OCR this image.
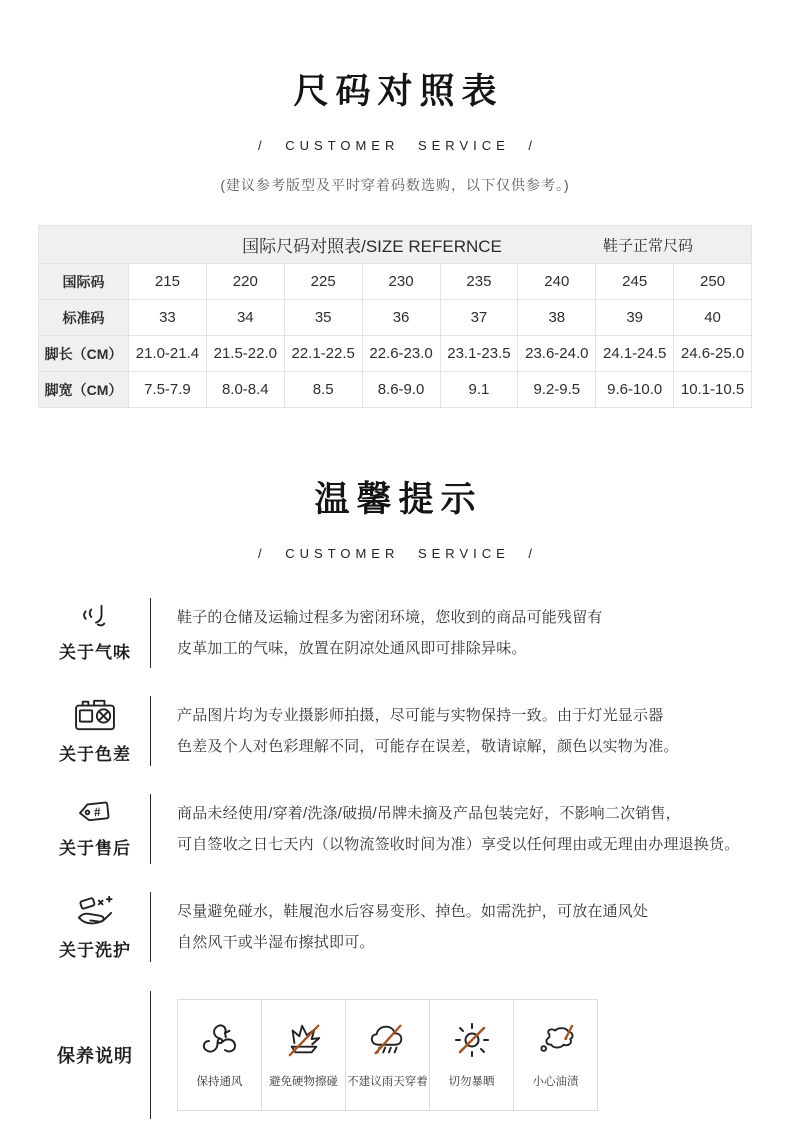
尺码对照表
/ CUSTOMER SERVICE /
(建议参考版型及平时穿着码数选购，以下仅供参考。)
国际尺码对照表/SIZE REFERNCE 鞋子正常尺码								

国际码	215	220	225	230	235	240	245	250
标准码	33	34	35	36	37	38	39	40
脚长（CM）	21.0-21.4	21.5-22.0	22.1-22.5	22.6-23.0	23.1-23.5	23.6-24.0	24.1-24.5	24.6-25.0
脚宽（CM）	7.5-7.9	8.0-8.4	8.5	8.6-9.0	9.1	9.2-9.5	9.6-10.0	10.1-10.5
温馨提示
/ CUSTOMER SERVICE /
关于气味
鞋子的仓储及运输过程多为密闭环境，您收到的商品可能残留有
皮革加工的气味，放置在阴凉处通风即可排除异味。
关于色差
产品图片均为专业摄影师拍摄，尽可能与实物保持一致。由于灯光显示器
色差及个人对色彩理解不同，可能存在误差，敬请谅解，颜色以实物为准。
#
关于售后
商品未经使用/穿着/洗涤/破损/吊牌未摘及产品包装完好，不影响二次销售，
可自签收之日七天内（以物流签收时间为准）享受以任何理由或无理由办理退换货。
关于洗护
尽量避免碰水，鞋履泡水后容易变形、掉色。如需洗护，可放在通风处
自然风干或半湿布擦拭即可。
保养说明
保持通风 避免硬物擦碰 不建议雨天穿着 切勿暴晒	小心油渍
